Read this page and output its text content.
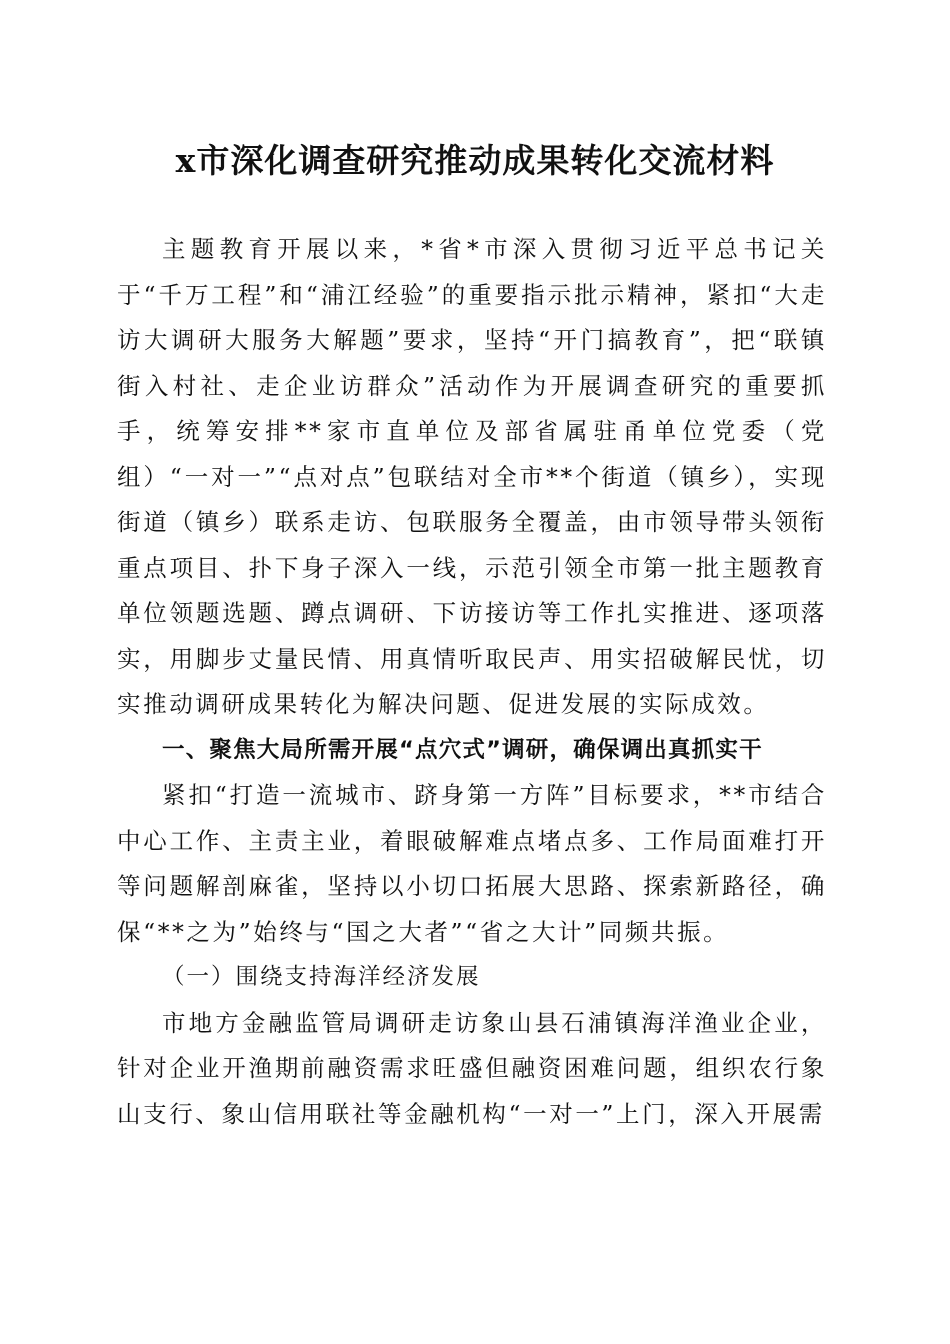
x市深化调查研究推动成果转化交流材料

主题教育开展以来，*省*市深入贯彻习近平总书记关于“千万工程”和“浦江经验”的重要指示批示精神，紧扣“大走访大调研大服务大解题”要求，坚持“开门搞教育”，把“联镇街入村社、走企业访群众”活动作为开展调查研究的重要抓手，统筹安排**家市直单位及部省属驻甬单位党委（党组）“一对一”“点对点”包联结对全市**个街道（镇乡），实现街道（镇乡）联系走访、包联服务全覆盖，由市领导带头领衔重点项目、扑下身子深入一线，示范引领全市第一批主题教育单位领题选题、蹲点调研、下访接访等工作扎实推进、逐项落实，用脚步丈量民情、用真情听取民声、用实招破解民忧，切实推动调研成果转化为解决问题、促进发展的实际成效。

一、聚焦大局所需开展“点穴式”调研，确保调出真抓实干

紧扣“打造一流城市、跻身第一方阵”目标要求，**市结合中心工作、主责主业，着眼破解难点堵点多、工作局面难打开等问题解剖麻雀，坚持以小切口拓展大思路、探索新路径，确保“**之为”始终与“国之大者”“省之大计”同频共振。

（一）围绕支持海洋经济发展

市地方金融监管局调研走访象山县石浦镇海洋渔业企业，针对企业开渔期前融资需求旺盛但融资困难问题，组织农行象山支行、象山信用联社等金融机构“一对一”上门，深入开展需
